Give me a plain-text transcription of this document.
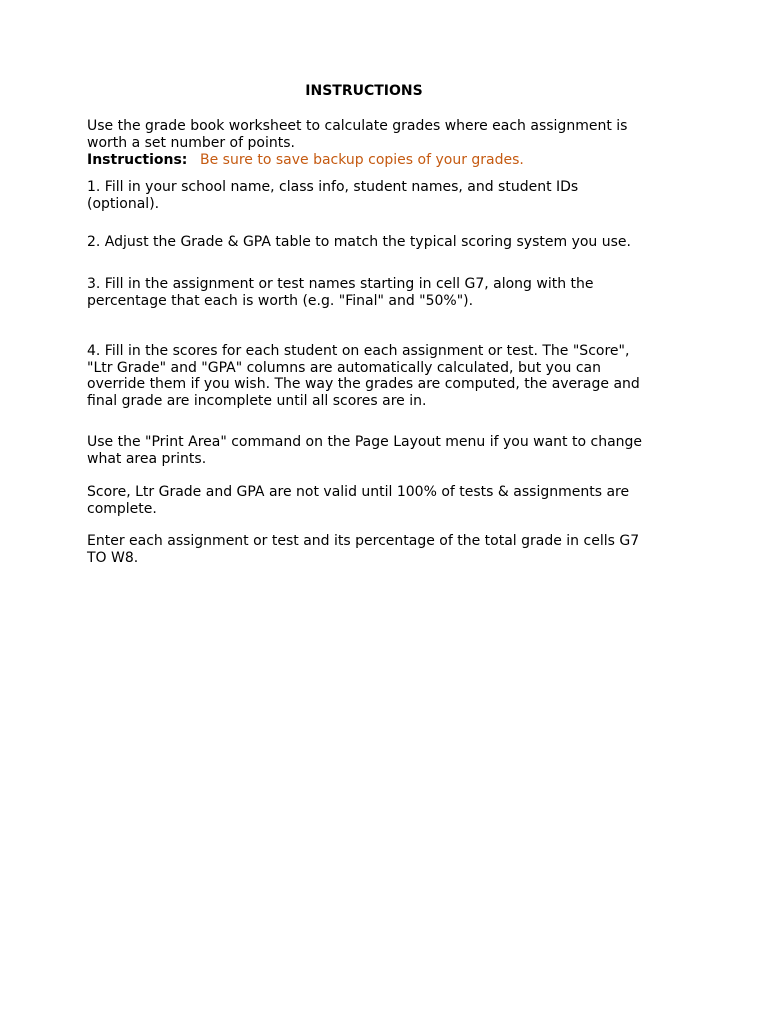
INSTRUCTIONS

Use the grade book worksheet to calculate grades where each assignment is worth a set number of points.

Instructions: Be sure to save backup copies of your grades.

1. Fill in your school name, class info, student names, and student IDs (optional).

2. Adjust the Grade & GPA table to match the typical scoring system you use.

3. Fill in the assignment or test names starting in cell G7, along with the percentage that each is worth (e.g. "Final" and "50%").

4. Fill in the scores for each student on each assignment or test. The "Score", "Ltr Grade" and "GPA" columns are automatically calculated, but you can override them if you wish. The way the grades are computed, the average and final grade are incomplete until all scores are in.

Use the "Print Area" command on the Page Layout menu if you want to change what area prints.

Score, Ltr Grade and GPA are not valid until 100% of tests & assignments are complete.

Enter each assignment or test and its percentage of the total grade in cells G7 TO W8.
